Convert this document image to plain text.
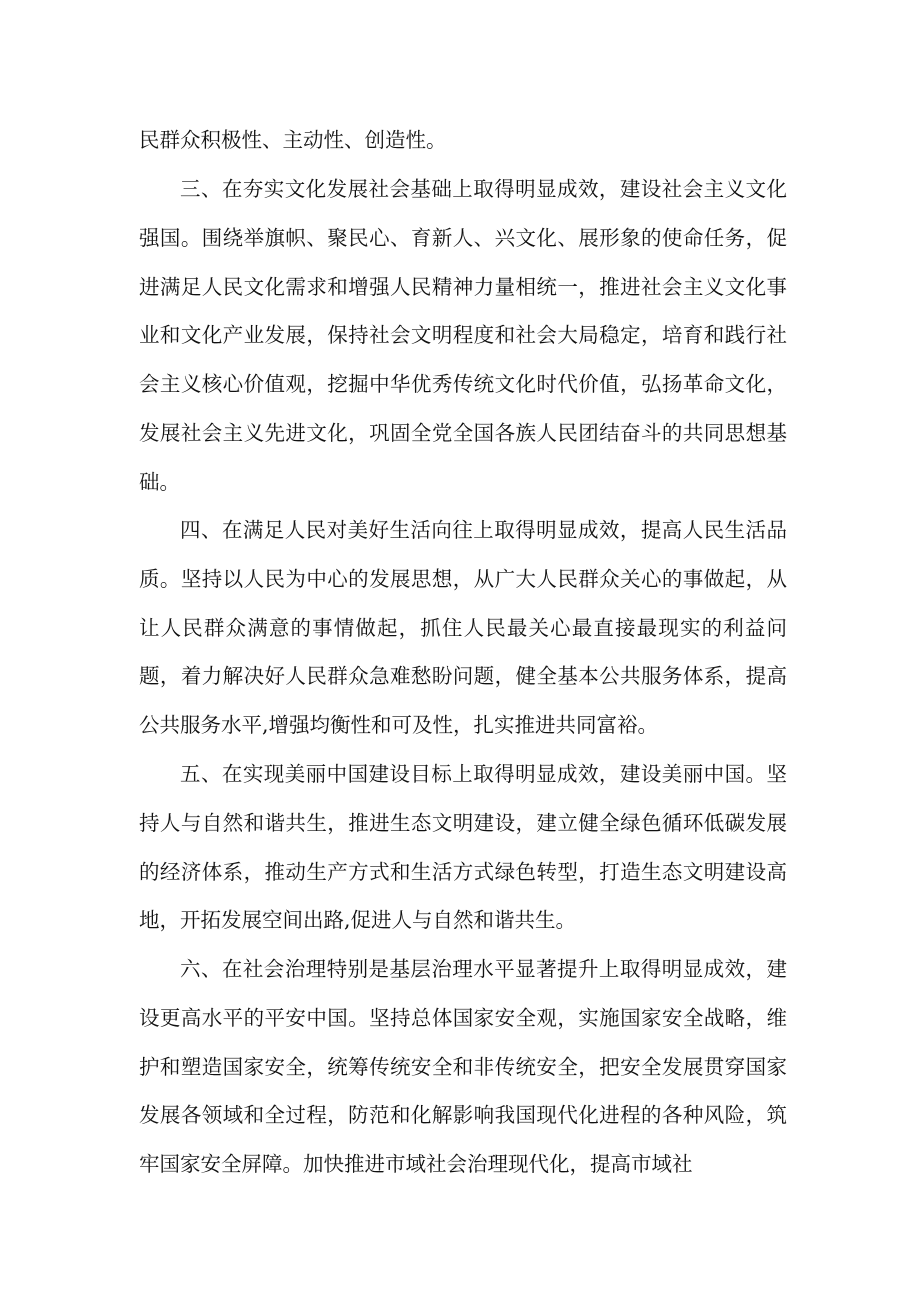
民群众积极性、主动性、创造性。

三、在夯实文化发展社会基础上取得明显成效，建设社会主义文化强国。围绕举旗帜、聚民心、育新人、兴文化、展形象的使命任务，促进满足人民文化需求和增强人民精神力量相统一，推进社会主义文化事业和文化产业发展，保持社会文明程度和社会大局稳定，培育和践行社会主义核心价值观，挖掘中华优秀传统文化时代价值，弘扬革命文化，发展社会主义先进文化，巩固全党全国各族人民团结奋斗的共同思想基础。

四、在满足人民对美好生活向往上取得明显成效，提高人民生活品质。坚持以人民为中心的发展思想，从广大人民群众关心的事做起，从让人民群众满意的事情做起，抓住人民最关心最直接最现实的利益问题，着力解决好人民群众急难愁盼问题，健全基本公共服务体系，提高公共服务水平,增强均衡性和可及性，扎实推进共同富裕。

五、在实现美丽中国建设目标上取得明显成效，建设美丽中国。坚持人与自然和谐共生，推进生态文明建设，建立健全绿色循环低碳发展的经济体系，推动生产方式和生活方式绿色转型，打造生态文明建设高地，开拓发展空间出路,促进人与自然和谐共生。

六、在社会治理特别是基层治理水平显著提升上取得明显成效，建设更高水平的平安中国。坚持总体国家安全观，实施国家安全战略，维护和塑造国家安全，统筹传统安全和非传统安全，把安全发展贯穿国家发展各领域和全过程，防范和化解影响我国现代化进程的各种风险，筑牢国家安全屏障。加快推进市域社会治理现代化，提高市域社
